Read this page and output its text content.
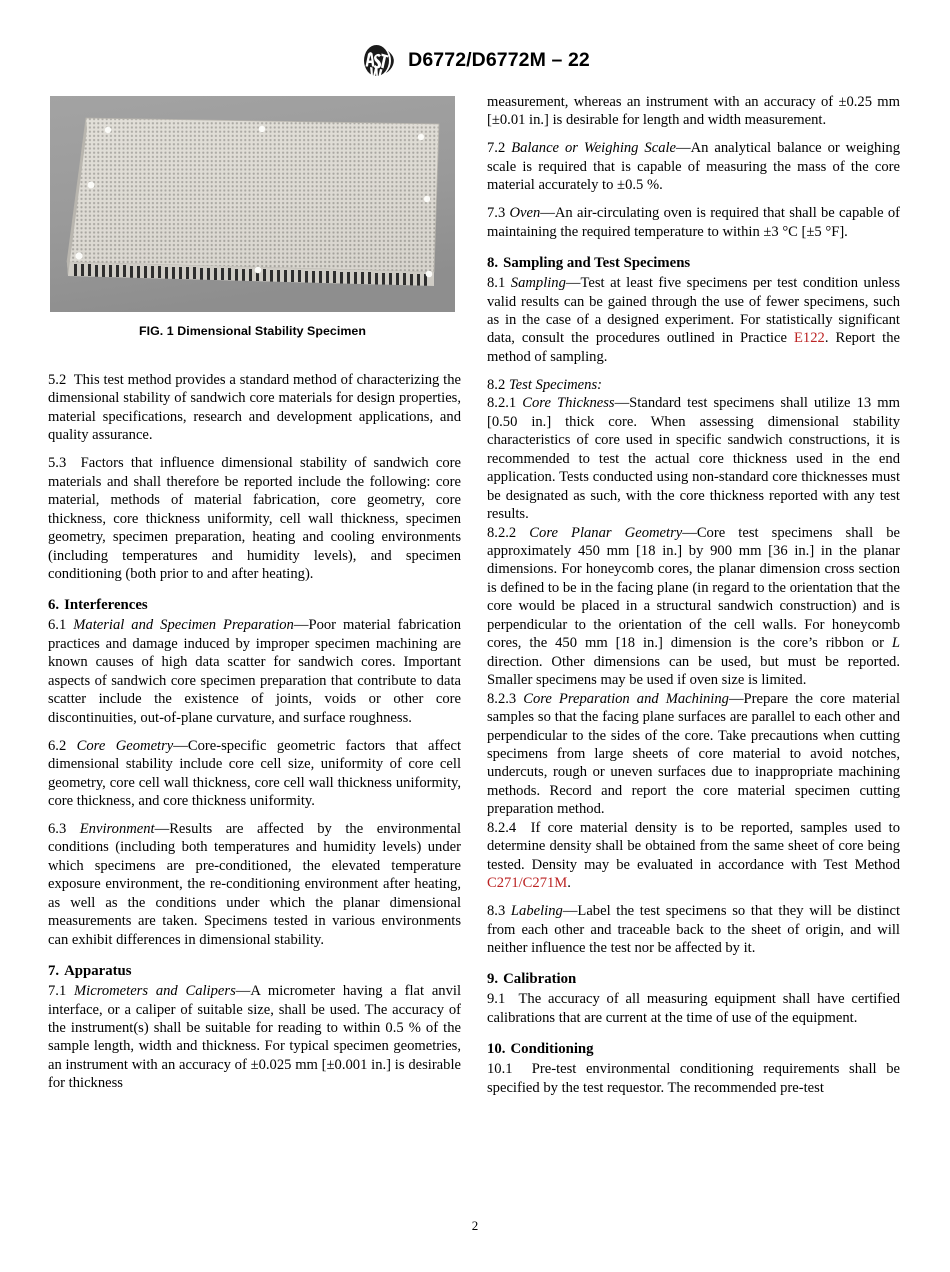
D6772/D6772M – 22
FIG. 1 Dimensional Stability Specimen

5.2  This test method provides a standard method of characterizing the dimensional stability of sandwich core materials for design properties, material specifications, research and development applications, and quality assurance.

5.3  Factors that influence dimensional stability of sandwich core materials and shall therefore be reported include the following: core material, methods of material fabrication, core geometry, core thickness, core thickness uniformity, cell wall thickness, specimen geometry, specimen preparation, heating and cooling environments (including temperatures and humidity levels), and specimen conditioning (both prior to and after heating).

6. Interferences

6.1 Material and Specimen Preparation—Poor material fabrication practices and damage induced by improper specimen machining are known causes of high data scatter for sandwich cores. Important aspects of sandwich core specimen preparation that contribute to data scatter include the existence of joints, voids or other core discontinuities, out-of-plane curvature, and surface roughness.

6.2 Core Geometry—Core-specific geometric factors that affect dimensional stability include core cell size, uniformity of core cell geometry, core cell wall thickness, core cell wall thickness uniformity, core thickness, and core thickness uniformity.

6.3 Environment—Results are affected by the environmental conditions (including both temperatures and humidity levels) under which specimens are pre-conditioned, the elevated temperature exposure environment, the re-conditioning environment after heating, as well as the conditions under which the planar dimensional measurements are taken. Specimens tested in various environments can exhibit differences in dimensional stability.

7. Apparatus

7.1 Micrometers and Calipers—A micrometer having a flat anvil interface, or a caliper of suitable size, shall be used. The accuracy of the instrument(s) shall be suitable for reading to within 0.5 % of the sample length, width and thickness. For typical specimen geometries, an instrument with an accuracy of ±0.025 mm [±0.001 in.] is desirable for thickness

measurement, whereas an instrument with an accuracy of ±0.25 mm [±0.01 in.] is desirable for length and width measurement.

7.2 Balance or Weighing Scale—An analytical balance or weighing scale is required that is capable of measuring the mass of the core material accurately to ±0.5 %.

7.3 Oven—An air-circulating oven is required that shall be capable of maintaining the required temperature to within ±3 °C [±5 °F].

8. Sampling and Test Specimens

8.1 Sampling—Test at least five specimens per test condition unless valid results can be gained through the use of fewer specimens, such as in the case of a designed experiment. For statistically significant data, consult the procedures outlined in Practice E122. Report the method of sampling.

8.2 Test Specimens:

8.2.1 Core Thickness—Standard test specimens shall utilize 13 mm [0.50 in.] thick core. When assessing dimensional stability characteristics of core used in specific sandwich constructions, it is recommended to test the actual core thickness used in the end application. Tests conducted using non-standard core thicknesses must be designated as such, with the core thickness reported with any test results.

8.2.2 Core Planar Geometry—Core test specimens shall be approximately 450 mm [18 in.] by 900 mm [36 in.] in the planar dimensions. For honeycomb cores, the planar dimension cross section is defined to be in the facing plane (in regard to the orientation that the core would be placed in a structural sandwich construction) and is perpendicular to the orientation of the cell walls. For honeycomb cores, the 450 mm [18 in.] dimension is the core’s ribbon or L direction. Other dimensions can be used, but must be reported. Smaller specimens may be used if oven size is limited.

8.2.3 Core Preparation and Machining—Prepare the core material samples so that the facing plane surfaces are parallel to each other and perpendicular to the sides of the core. Take precautions when cutting specimens from large sheets of core material to avoid notches, undercuts, rough or uneven surfaces due to inappropriate machining methods. Record and report the core material specimen cutting preparation method.

8.2.4  If core material density is to be reported, samples used to determine density shall be obtained from the same sheet of core being tested. Density may be evaluated in accordance with Test Method C271/C271M.

8.3 Labeling—Label the test specimens so that they will be distinct from each other and traceable back to the sheet of origin, and will neither influence the test nor be affected by it.

9. Calibration

9.1  The accuracy of all measuring equipment shall have certified calibrations that are current at the time of use of the equipment.

10. Conditioning

10.1  Pre-test environmental conditioning requirements shall be specified by the test requestor. The recommended pre-test

2
